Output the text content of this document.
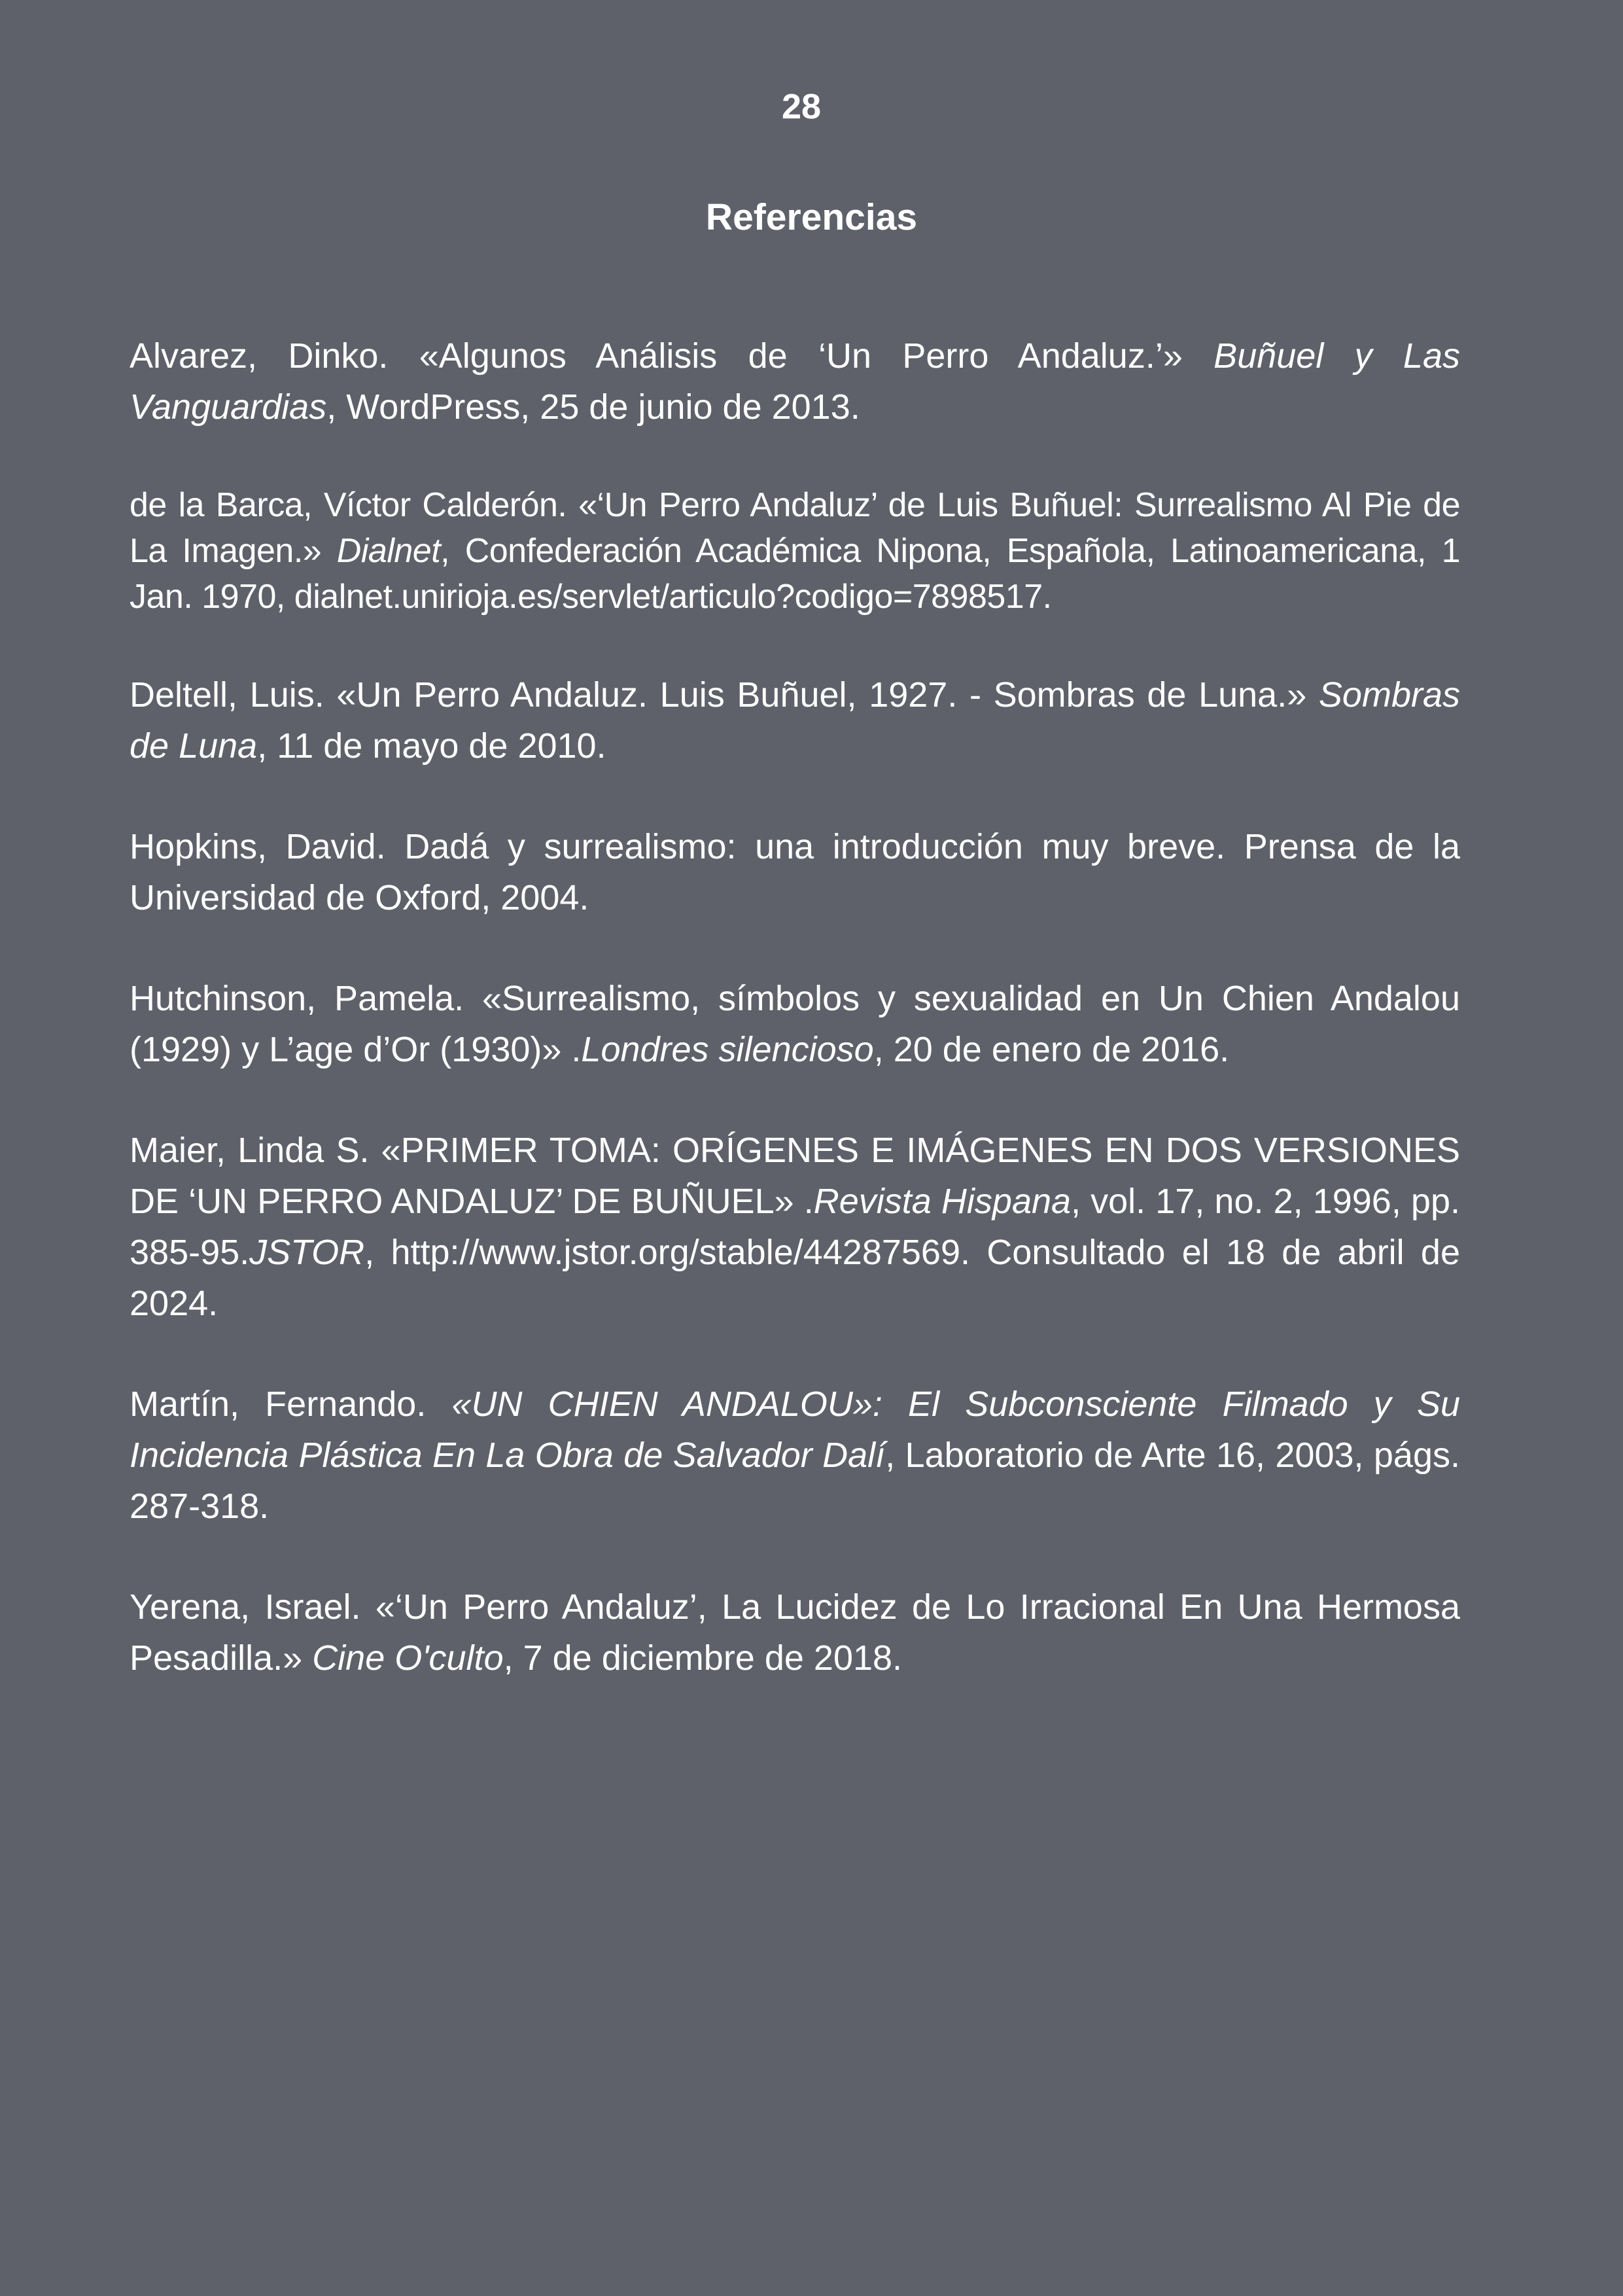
28
Referencias
Alvarez, Dinko. «Algunos Análisis de ‘Un Perro Andaluz.’» Buñuel y Las Vanguardias, WordPress, 25 de junio de 2013.
de la Barca, Víctor Calderón. «‘Un Perro Andaluz’ de Luis Buñuel: Surrealismo Al Pie de La Imagen.» Dialnet, Confederación Académica Nipona, Española, Latinoamericana, 1 Jan. 1970, dialnet.unirioja.es/servlet/articulo?codigo=7898517.
Deltell, Luis. «Un Perro Andaluz. Luis Buñuel, 1927. - Sombras de Luna.» Sombras de Luna, 11 de mayo de 2010.
Hopkins, David. Dadá y surrealismo: una introducción muy breve. Prensa de la Universidad de Oxford, 2004.
Hutchinson, Pamela. «Surrealismo, símbolos y sexualidad en Un Chien Andalou (1929) y L’age d’Or (1930)» .Londres silencioso, 20 de enero de 2016.
Maier, Linda S. «PRIMER TOMA: ORÍGENES E IMÁGENES EN DOS VERSIONES DE ‘UN PERRO ANDALUZ’ DE BUÑUEL» .Revista Hispana, vol. 17, no. 2, 1996, pp. 385-95.JSTOR, http://www.jstor.org/stable/44287569. Consultado el 18 de abril de 2024.
Martín, Fernando. «UN CHIEN ANDALOU»: El Subconsciente Filmado y Su Incidencia Plástica En La Obra de Salvador Dalí, Laboratorio de Arte 16, 2003, págs. 287-318.
Yerena, Israel. «‘Un Perro Andaluz’, La Lucidez de Lo Irracional En Una Hermosa Pesadilla.» Cine O'culto, 7 de diciembre de 2018.
